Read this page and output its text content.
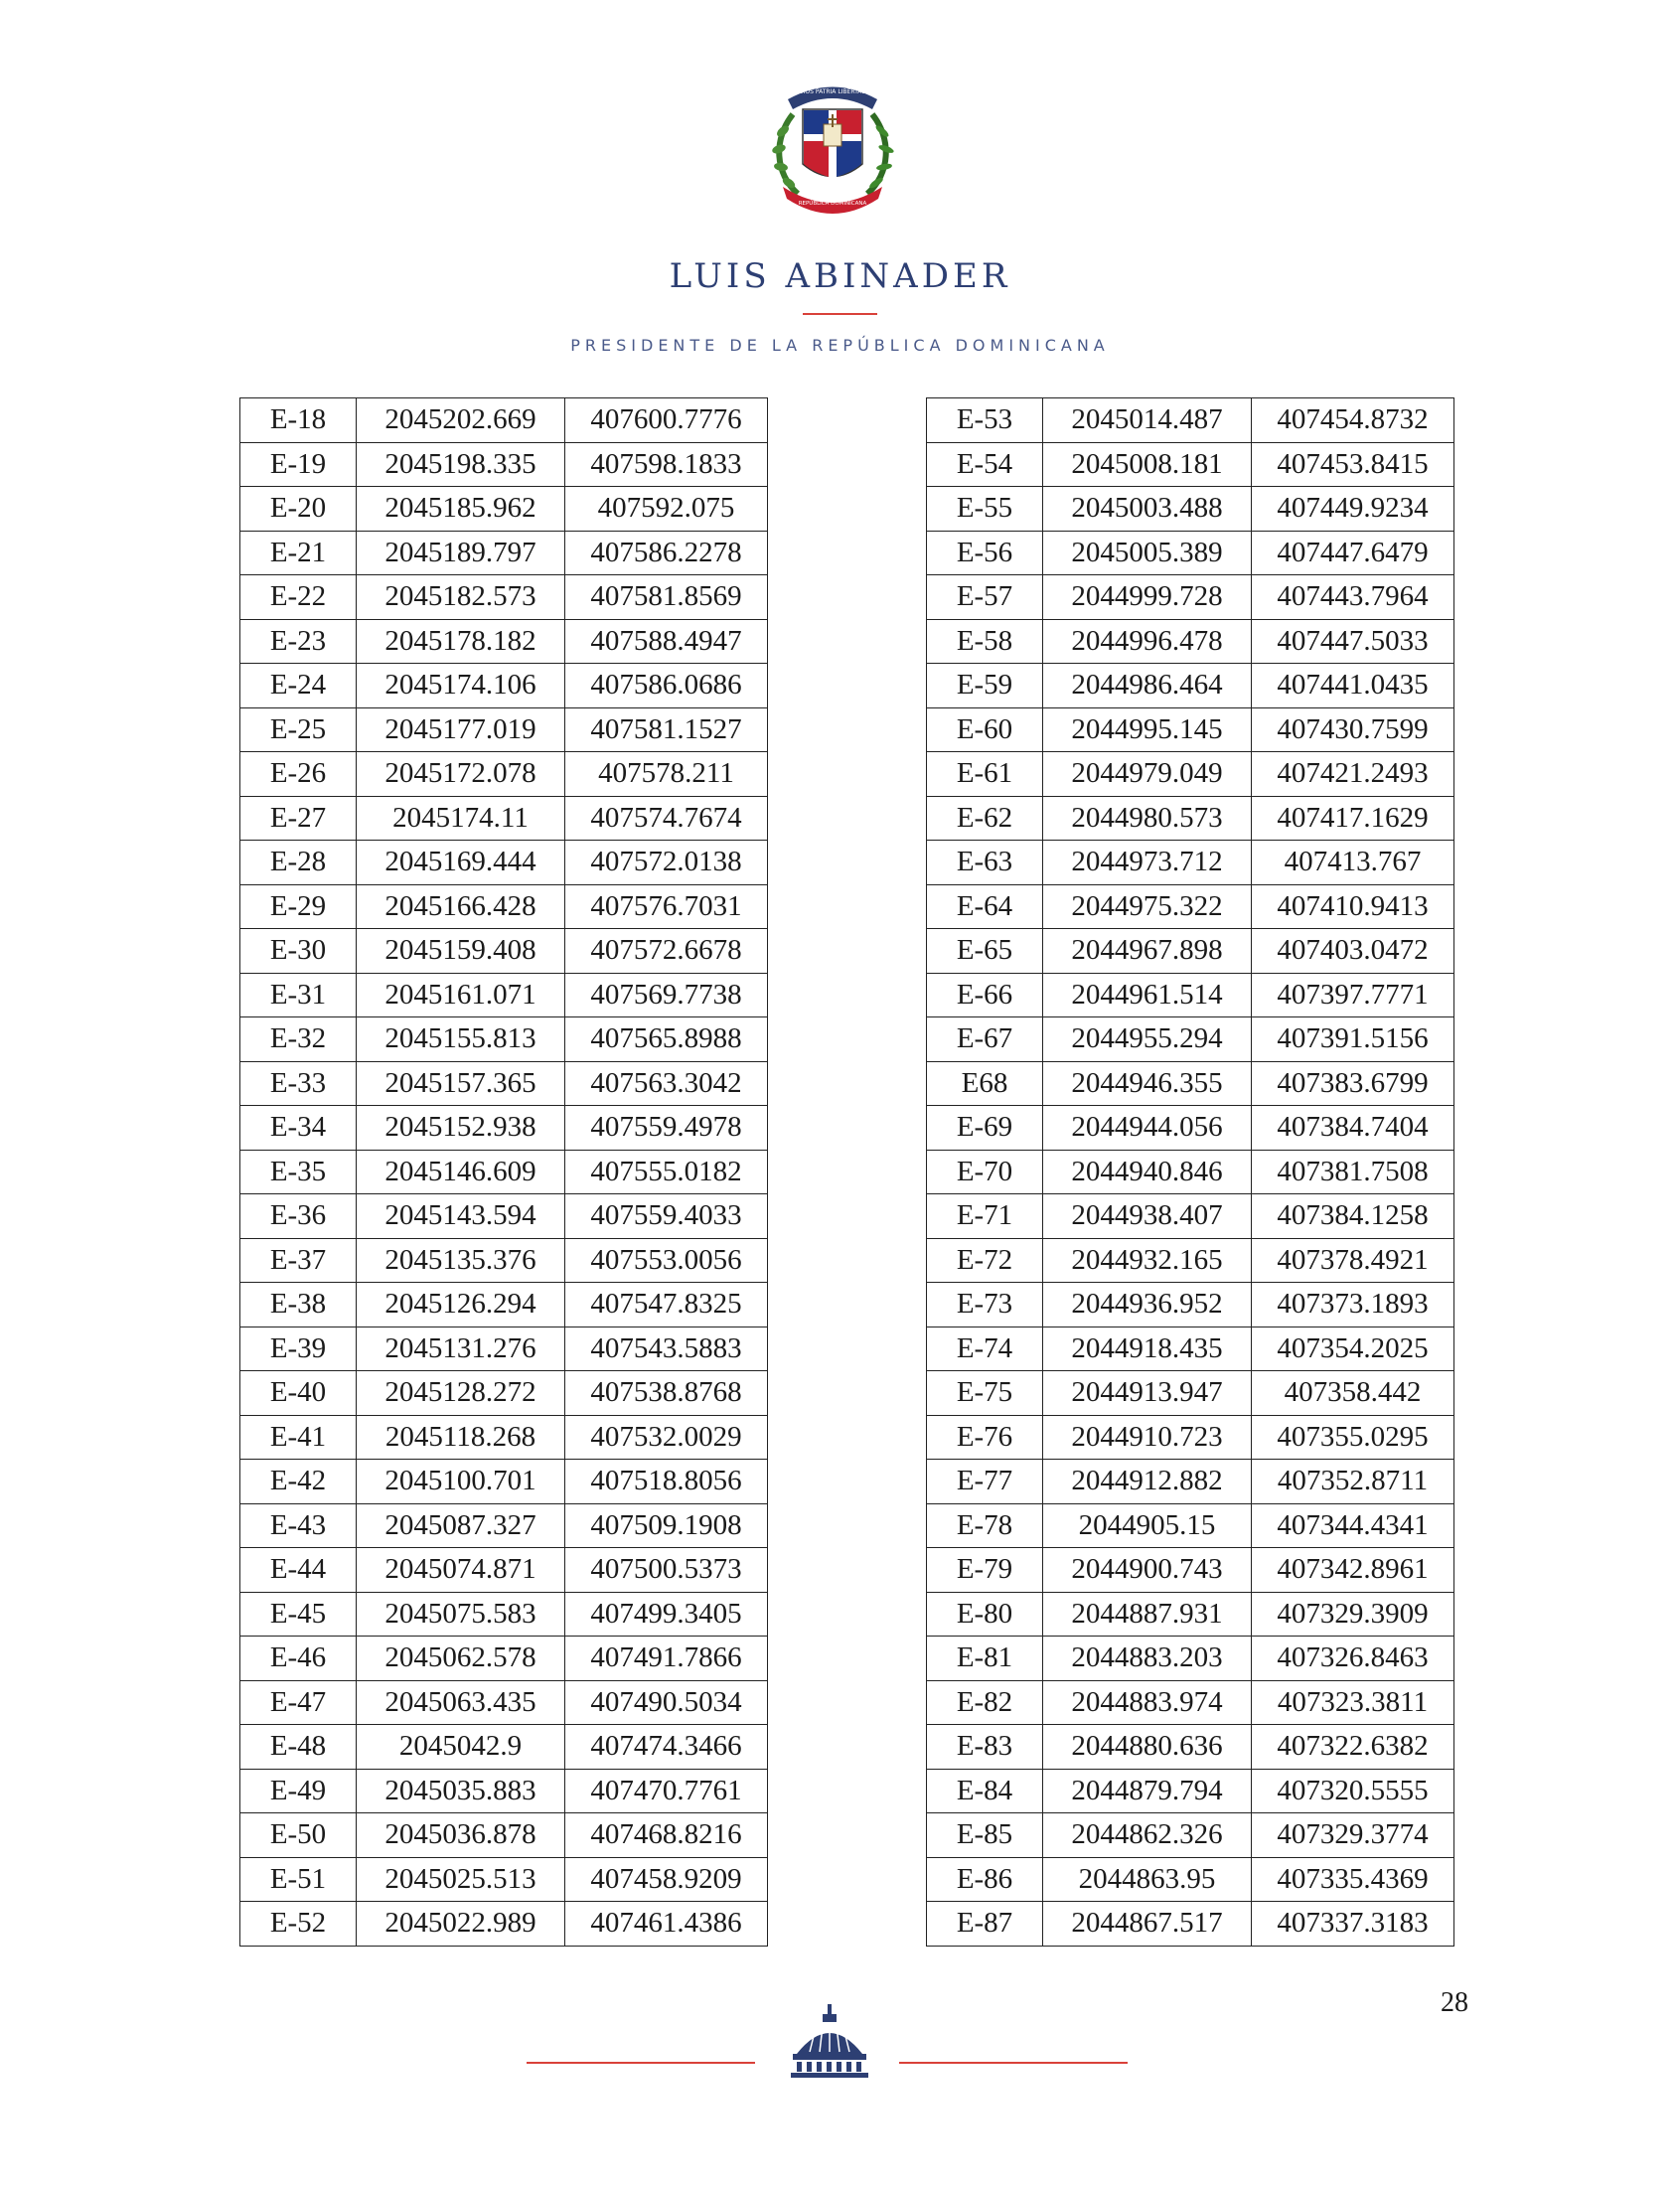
DIOS PATRIA LIBERTAD
REPÚBLICA DOMINICANA
LUIS ABINADER
PRESIDENTE DE LA REPÚBLICA DOMINICANA
E-18	2045202.669	407600.7776
E-19	2045198.335	407598.1833
E-20	2045185.962	407592.075
E-21	2045189.797	407586.2278
E-22	2045182.573	407581.8569
E-23	2045178.182	407588.4947
E-24	2045174.106	407586.0686
E-25	2045177.019	407581.1527
E-26	2045172.078	407578.211
E-27	2045174.11	407574.7674
E-28	2045169.444	407572.0138
E-29	2045166.428	407576.7031
E-30	2045159.408	407572.6678
E-31	2045161.071	407569.7738
E-32	2045155.813	407565.8988
E-33	2045157.365	407563.3042
E-34	2045152.938	407559.4978
E-35	2045146.609	407555.0182
E-36	2045143.594	407559.4033
E-37	2045135.376	407553.0056
E-38	2045126.294	407547.8325
E-39	2045131.276	407543.5883
E-40	2045128.272	407538.8768
E-41	2045118.268	407532.0029
E-42	2045100.701	407518.8056
E-43	2045087.327	407509.1908
E-44	2045074.871	407500.5373
E-45	2045075.583	407499.3405
E-46	2045062.578	407491.7866
E-47	2045063.435	407490.5034
E-48	2045042.9	407474.3466
E-49	2045035.883	407470.7761
E-50	2045036.878	407468.8216
E-51	2045025.513	407458.9209
E-52	2045022.989	407461.4386
E-53	2045014.487	407454.8732
E-54	2045008.181	407453.8415
E-55	2045003.488	407449.9234
E-56	2045005.389	407447.6479
E-57	2044999.728	407443.7964
E-58	2044996.478	407447.5033
E-59	2044986.464	407441.0435
E-60	2044995.145	407430.7599
E-61	2044979.049	407421.2493
E-62	2044980.573	407417.1629
E-63	2044973.712	407413.767
E-64	2044975.322	407410.9413
E-65	2044967.898	407403.0472
E-66	2044961.514	407397.7771
E-67	2044955.294	407391.5156
E68	2044946.355	407383.6799
E-69	2044944.056	407384.7404
E-70	2044940.846	407381.7508
E-71	2044938.407	407384.1258
E-72	2044932.165	407378.4921
E-73	2044936.952	407373.1893
E-74	2044918.435	407354.2025
E-75	2044913.947	407358.442
E-76	2044910.723	407355.0295
E-77	2044912.882	407352.8711
E-78	2044905.15	407344.4341
E-79	2044900.743	407342.8961
E-80	2044887.931	407329.3909
E-81	2044883.203	407326.8463
E-82	2044883.974	407323.3811
E-83	2044880.636	407322.6382
E-84	2044879.794	407320.5555
E-85	2044862.326	407329.3774
E-86	2044863.95	407335.4369
E-87	2044867.517	407337.3183
28
